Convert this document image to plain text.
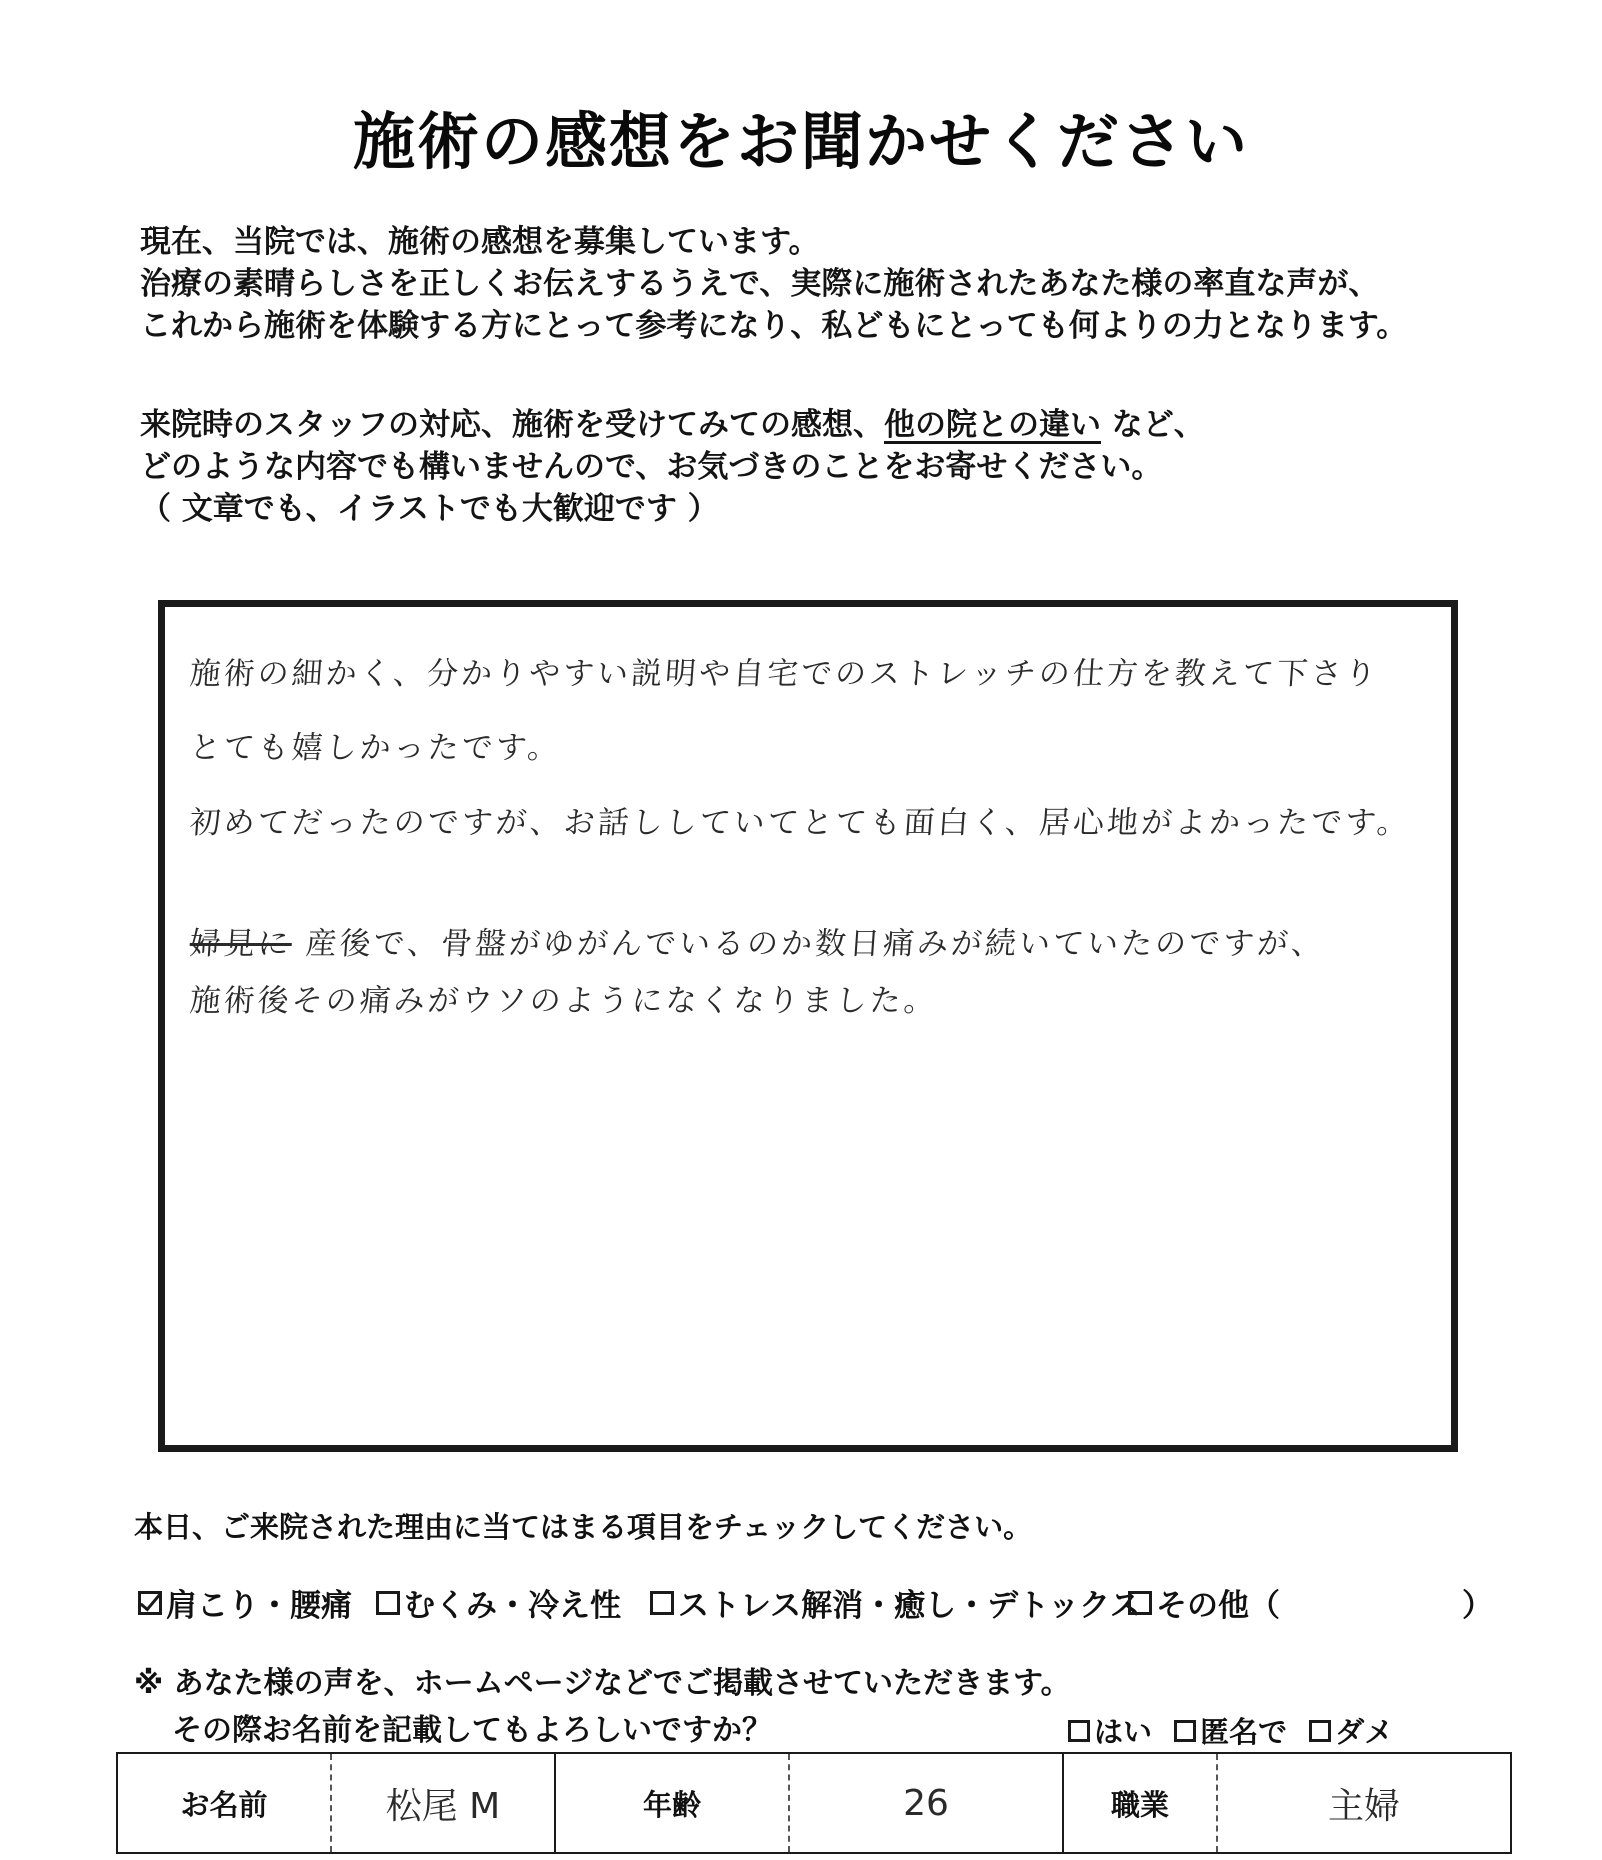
施術の感想をお聞かせください
現在、当院では、施術の感想を募集しています。
治療の素晴らしさを正しくお伝えするうえで、実際に施術されたあなた様の率直な声が、
これから施術を体験する方にとって参考になり、私どもにとっても何よりの力となります。
来院時のスタッフの対応、施術を受けてみての感想、他の院との違い など、
どのような内容でも構いませんので、お気づきのことをお寄せください。
（ 文章でも、イラストでも大歓迎です ）
施術の細かく、分かりやすい説明や自宅でのストレッチの仕方を教えて下さり
とても嬉しかったです。
初めてだったのですが、お話ししていてとても面白く、居心地がよかったです。
婦見に 産後で、骨盤がゆがんでいるのか数日痛みが続いていたのですが、
施術後その痛みがウソのようになくなりました。
本日、ご来院された理由に当てはまる項目をチェックしてください。
肩こり・腰痛 むくみ・冷え性 ストレス解消・癒し・デトックス その他（	）
※ あなた様の声を、ホームページなどでご掲載させていただきます。
その際お名前を記載してもよろしいですか？	はい
匿名で
ダメ
お名前	松尾 M	年齢	26	職業	主婦
